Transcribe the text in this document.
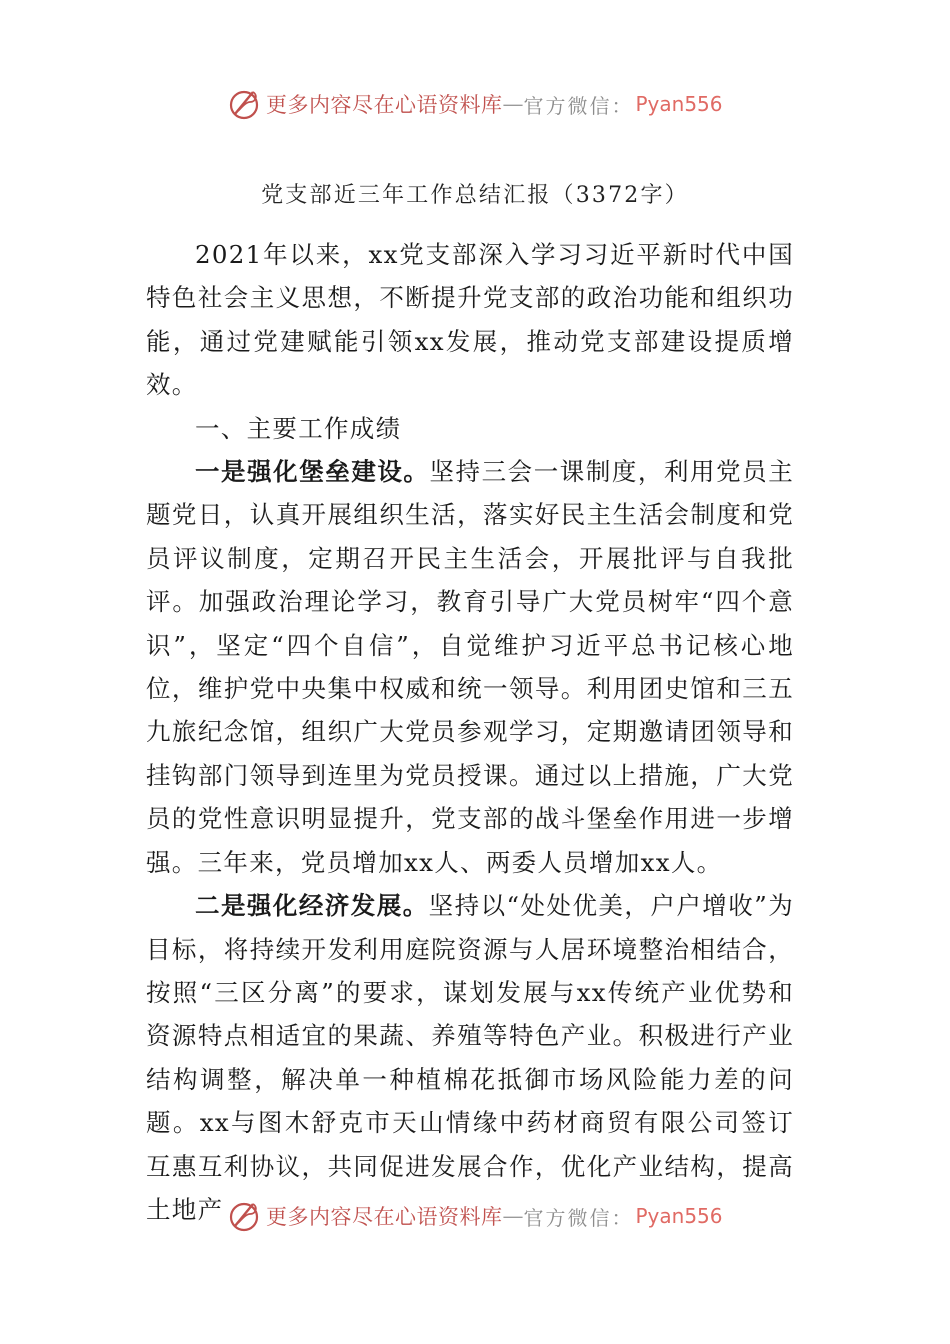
更多内容尽在心语资料库 — 官方微信： Pyan556
党支部近三年工作总结汇报（3372字）

2021年以来，xx党支部深入学习习近平新时代中国特色社会主义思想，不断提升党支部的政治功能和组织功能，通过党建赋能引领xx发展，推动党支部建设提质增效。

一、主要工作成绩

一是强化堡垒建设。坚持三会一课制度，利用党员主题党日，认真开展组织生活，落实好民主生活会制度和党员评议制度，定期召开民主生活会，开展批评与自我批评。加强政治理论学习，教育引导广大党员树牢“四个意识”，坚定“四个自信”，自觉维护习近平总书记核心地位，维护党中央集中权威和统一领导。利用团史馆和三五九旅纪念馆，组织广大党员参观学习，定期邀请团领导和挂钩部门领导到连里为党员授课。通过以上措施，广大党员的党性意识明显提升，党支部的战斗堡垒作用进一步增强。三年来，党员增加xx人、两委人员增加xx人。

二是强化经济发展。坚持以“处处优美，户户增收”为目标，将持续开发利用庭院资源与人居环境整治相结合，按照“三区分离”的要求，谋划发展与xx传统产业优势和资源特点相适宜的果蔬、养殖等特色产业。积极进行产业结构调整，解决单一种植棉花抵御市场风险能力差的问题。xx与图木舒克市天山情缘中药材商贸有限公司签订互惠互利协议，共同促进发展合作，优化产业结构，提高土地产	更多内容尽在心语资料库 — 官方微信： Pyan556
